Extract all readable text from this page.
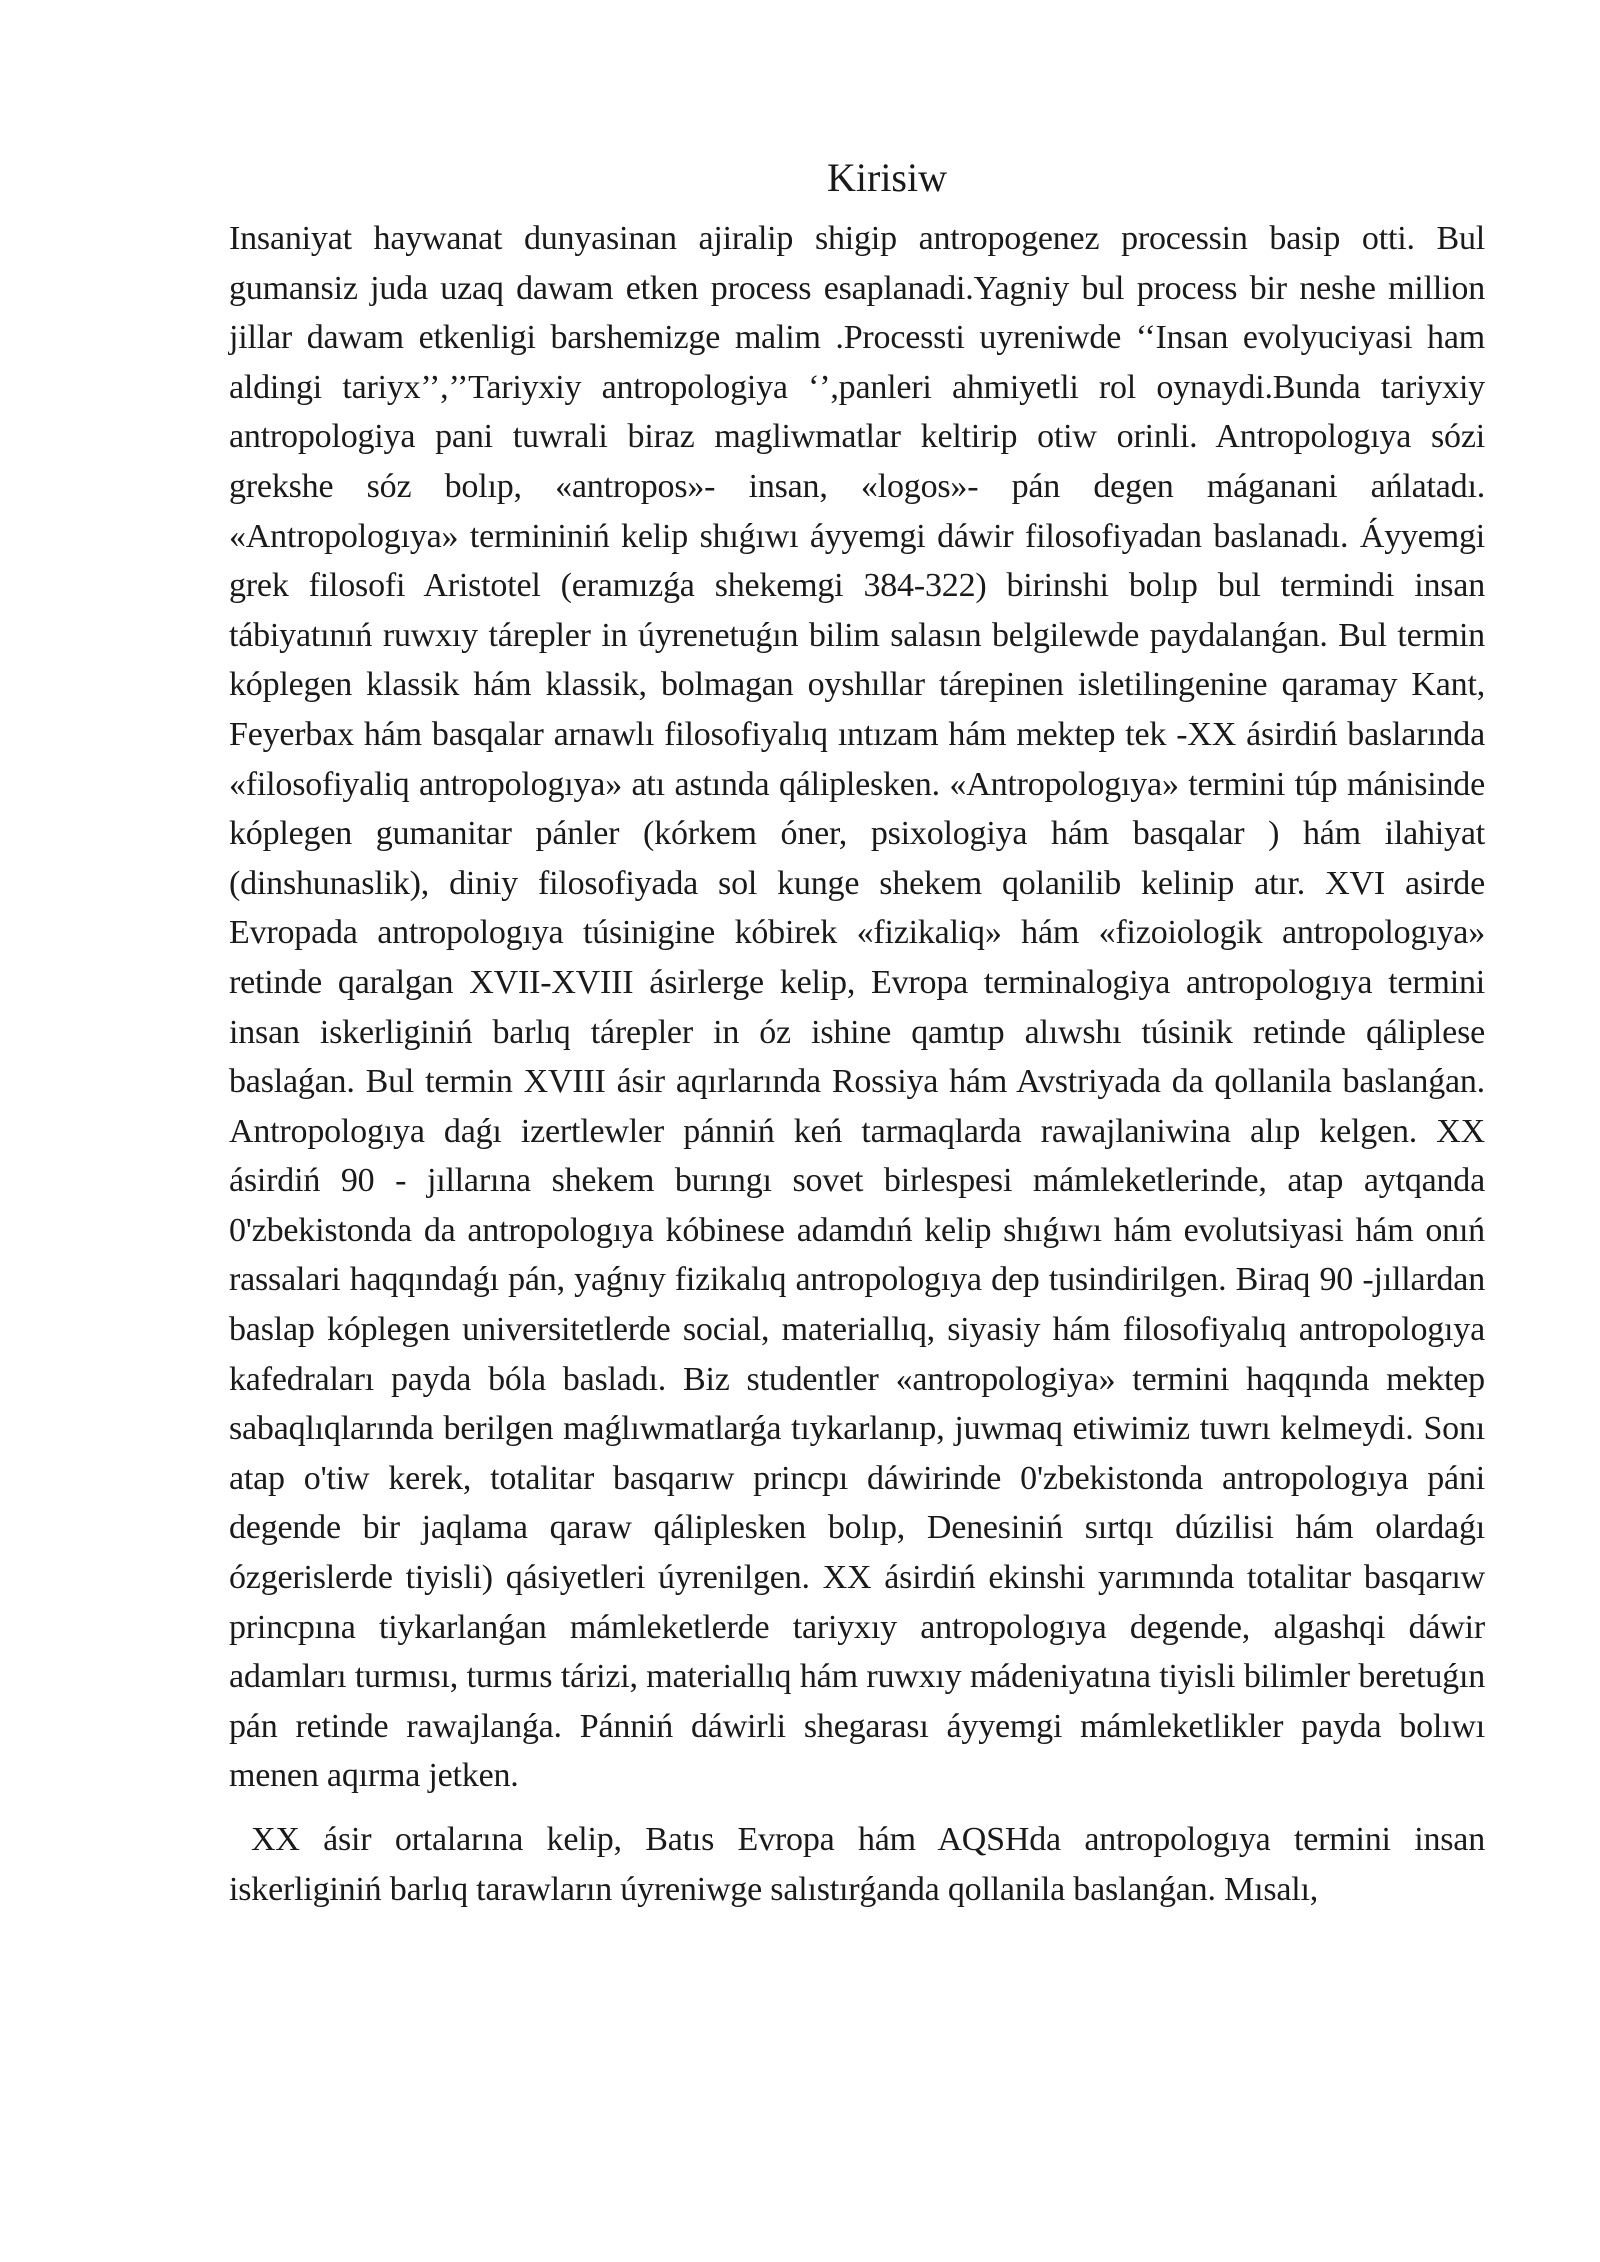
Kirisiw

Insaniyat haywanat dunyasinan ajiralip shigip antropogenez processin basip otti. Bul gumansiz juda uzaq dawam etken process esaplanadi.Yagniy bul process bir neshe million jillar dawam etkenligi barshemizge malim .Processti uyreniwde ‘‘Insan evolyuciyasi ham aldingi tariyx’’,’’Tariyxiy antropologiya ‘’,panleri ahmiyetli rol oynaydi.Bunda tariyxiy antropologiya pani tuwrali biraz magliwmatlar keltirip otiw orinli. Antropologıya sózi grekshe sóz bolıp, «antropos»- insan, «logos»- pán degen máganani ańlatadı. «Antropologıya» termininiń kelip shıǵıwı áyyemgi dáwir filosofiyadan baslanadı. Áyyemgi grek filosofi Aristotel (eramızǵa shekemgi 384-322) birinshi bolıp bul termindi insan tábiyatınıń ruwxıy tárepler in úyrenetuǵın bilim salasın belgilewde paydalanǵan. Bul termin kóplegen klassik hám klassik, bolmagan oyshıllar tárepinen isletilingenine qaramay Kant, Feyerbax hám basqalar arnawlı filosofiyalıq ıntızam hám mektep tek -XX ásirdiń baslarında «filosofiyaliq antropologıya» atı astında qáliplesken. «Antropologıya» termini túp mánisinde kóplegen gumanitar pánler (kórkem óner, psixologiya hám basqalar ) hám ilahiyat (dinshunaslik), diniy filosofiyada sol kunge shekem qolanilib kelinip atır. XVI asirde Evropada antropologıya túsinigine kóbirek «fizikaliq» hám «fizoiologik antropologıya» retinde qaralgan XVII-XVIII ásirlerge kelip, Evropa terminalogiya antropologıya termini insan iskerliginiń barlıq tárepler in óz ishine qamtıp alıwshı túsinik retinde qáliplese baslaǵan. Bul termin XVIII ásir aqırlarında Rossiya hám Avstriyada da qollanila baslanǵan. Antropologıya daǵı izertlewler pánniń keń tarmaqlarda rawajlaniwina alıp kelgen. XX ásirdiń 90 - jıllarına shekem burıngı sovet birlespesi mámleketlerinde, atap aytqanda 0'zbekistonda da antropologıya kóbinese adamdıń kelip shıǵıwı hám evolutsiyasi hám onıń rassalari haqqındaǵı pán, yaǵnıy fizikalıq antropologıya dep tusindirilgen. Biraq 90 -jıllardan baslap kóplegen universitetlerde social, materiallıq, siyasiy hám filosofiyalıq antropologıya kafedraları payda bóla basladı. Biz studentler «antropologiya» termini haqqında mektep sabaqlıqlarında berilgen maǵlıwmatlarǵa tıykarlanıp, juwmaq etiwimiz tuwrı kelmeydi. Sonı atap o'tiw kerek, totalitar basqarıw princpı dáwirinde 0'zbekistonda antropologıya páni degende bir jaqlama qaraw qáliplesken bolıp, Denesiniń sırtqı dúzilisi hám olardaǵı ózgerislerde tiyisli) qásiyetleri úyrenilgen. XX ásirdiń ekinshi yarımında totalitar basqarıw princpına tiykarlanǵan mámleketlerde tariyxıy antropologıya degende, algashqi dáwir adamları turmısı, turmıs tárizi, materiallıq hám ruwxıy mádeniyatına tiyisli bilimler beretuǵın pán retinde rawajlanǵa. Pánniń dáwirli shegarası áyyemgi mámleketlikler payda bolıwı menen aqırma jetken.

XX ásir ortalarına kelip, Batıs Evropa hám AQSHda antropologıya termini insan iskerliginiń barlıq tarawların úyreniwge salıstırǵanda qollanila baslanǵan. Mısalı,
